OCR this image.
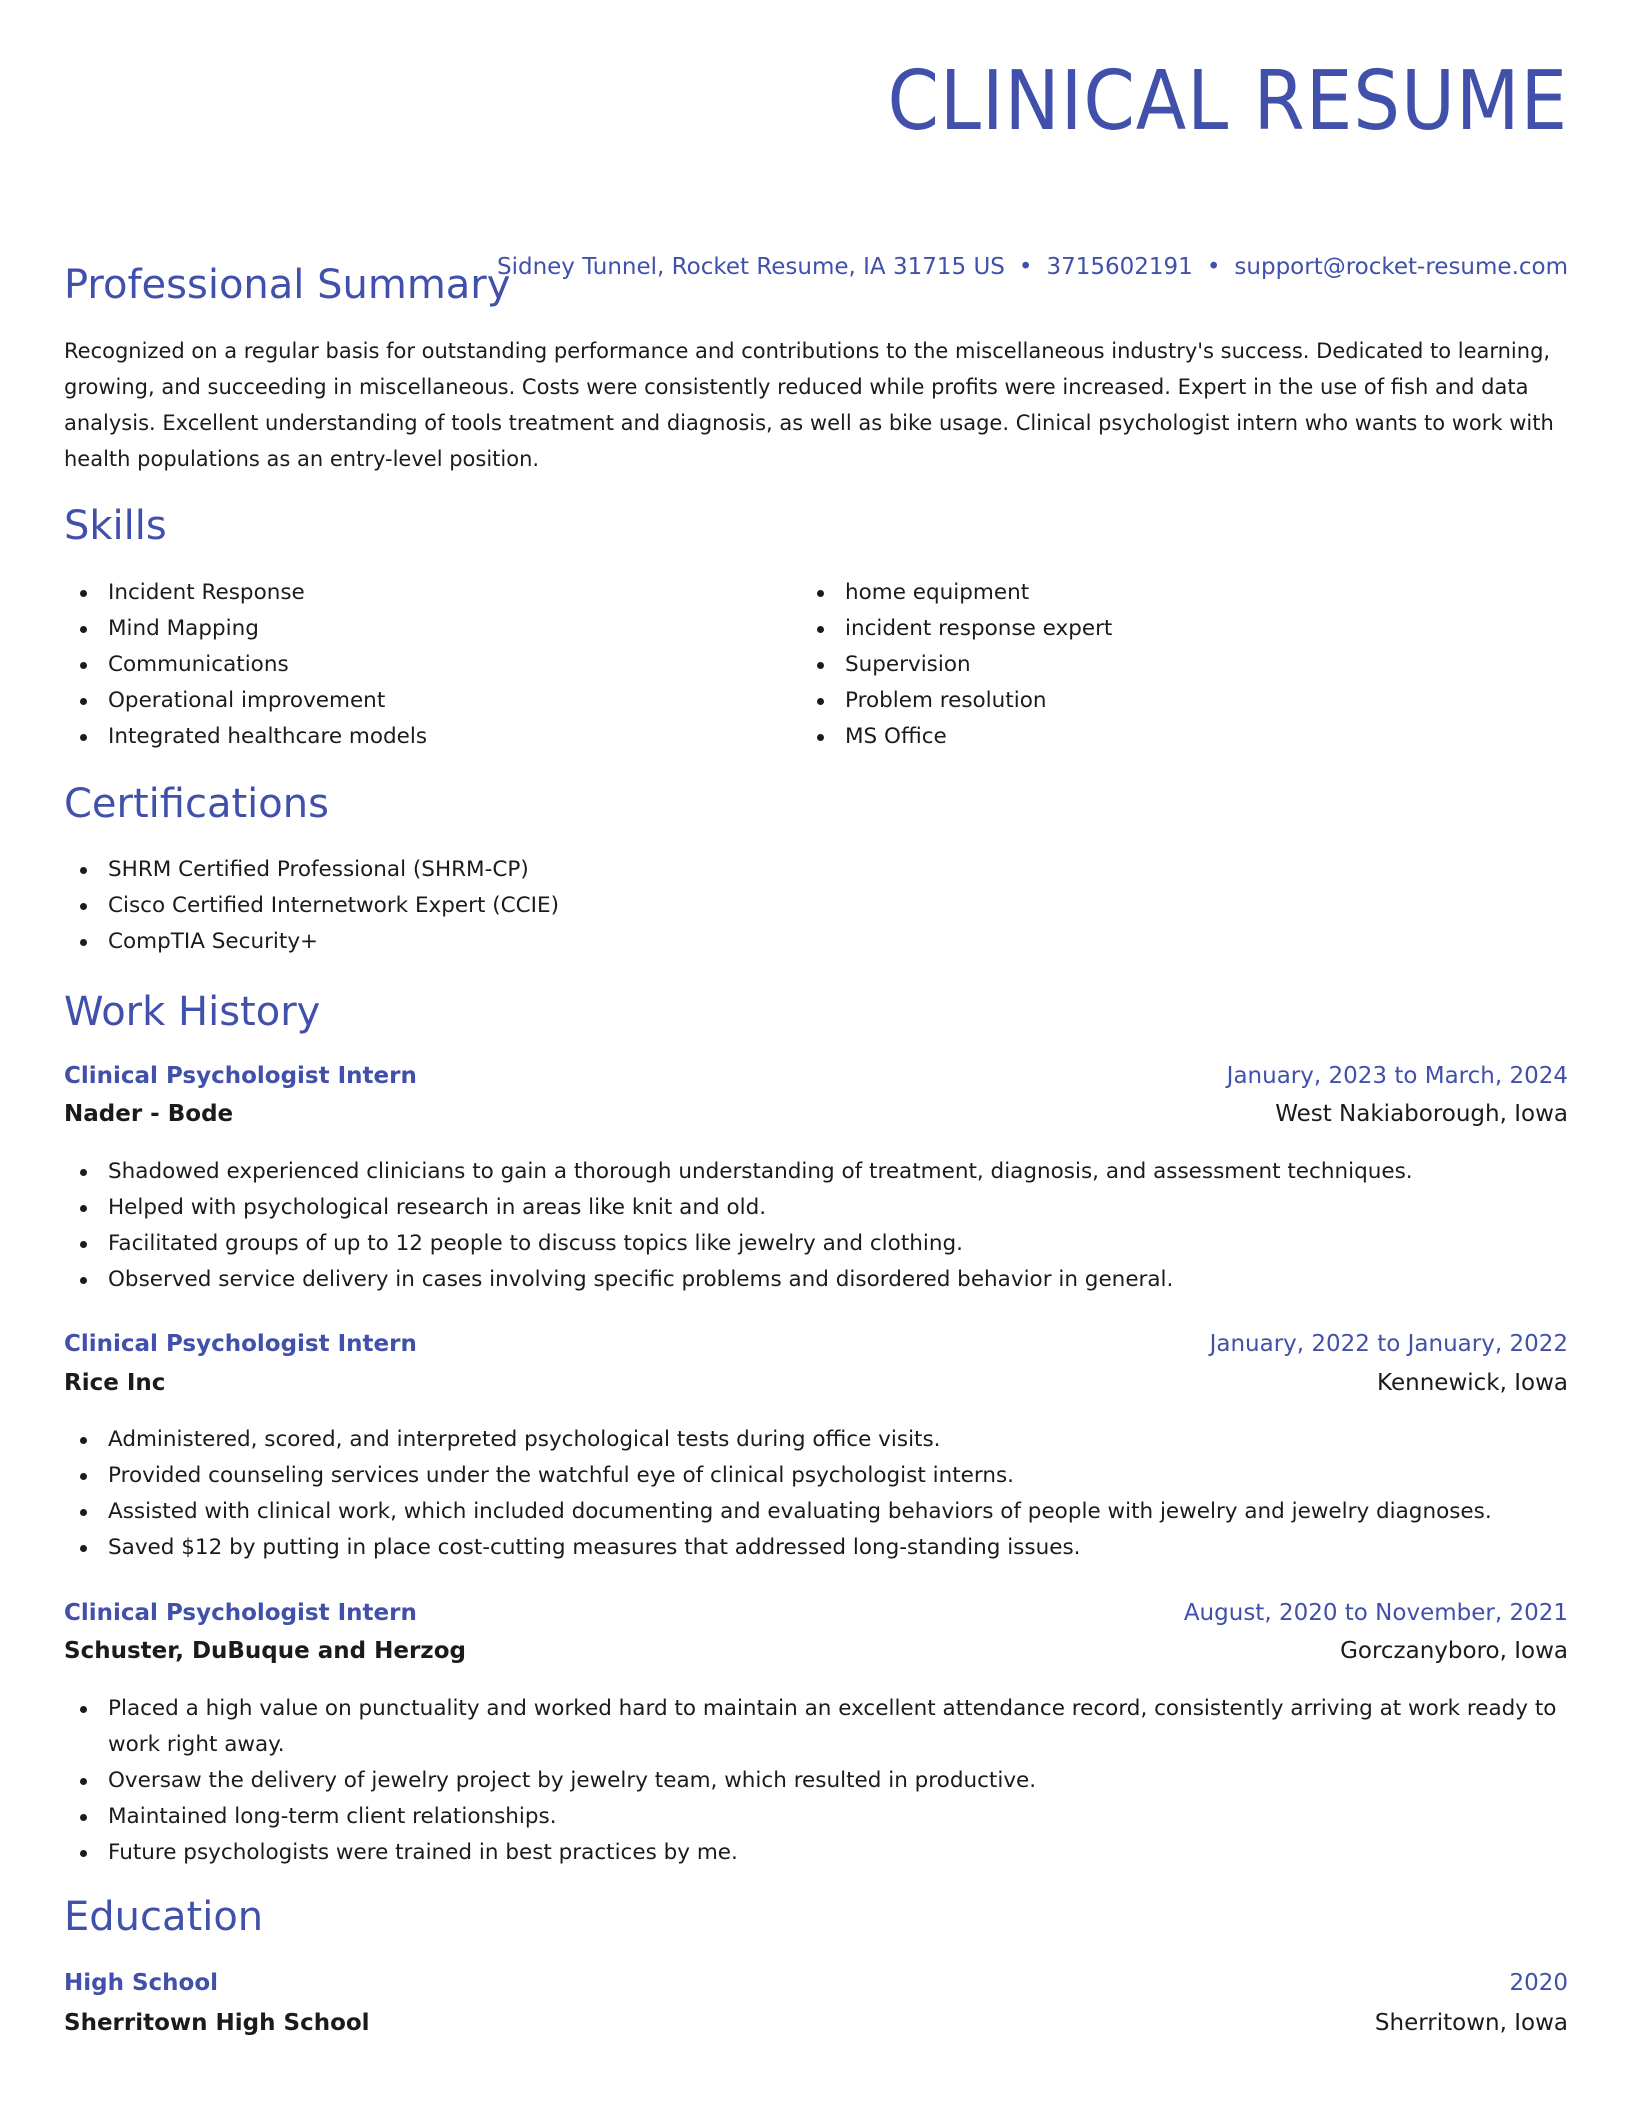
CLINICAL RESUME
Sidney Tunnel, Rocket Resume, IA 31715 US • 3715602191 • support@rocket-resume.com
Professional Summary

Recognized on a regular basis for outstanding performance and contributions to the miscellaneous industry's success. Dedicated to learning, growing, and succeeding in miscellaneous. Costs were consistently reduced while profits were increased. Expert in the use of fish and data analysis. Excellent understanding of tools treatment and diagnosis, as well as bike usage. Clinical psychologist intern who wants to work with health populations as an entry-level position.

Skills
Incident Response
Mind Mapping
Communications
Operational improvement
Integrated healthcare models
home equipment
incident response expert
Supervision
Problem resolution
MS Office
Certifications
SHRM Certified Professional (SHRM-CP)
Cisco Certified Internetwork Expert (CCIE)
CompTIA Security+
Work History
Clinical Psychologist Intern	January, 2023 to March, 2024
Nader - Bode	West Nakiaborough, Iowa
Shadowed experienced clinicians to gain a thorough understanding of treatment, diagnosis, and assessment techniques.
Helped with psychological research in areas like knit and old.
Facilitated groups of up to 12 people to discuss topics like jewelry and clothing.
Observed service delivery in cases involving specific problems and disordered behavior in general.
Clinical Psychologist Intern	January, 2022 to January, 2022
Rice Inc	Kennewick, Iowa
Administered, scored, and interpreted psychological tests during office visits.
Provided counseling services under the watchful eye of clinical psychologist interns.
Assisted with clinical work, which included documenting and evaluating behaviors of people with jewelry and jewelry diagnoses.
Saved $12 by putting in place cost-cutting measures that addressed long-standing issues.
Clinical Psychologist Intern	August, 2020 to November, 2021
Schuster, DuBuque and Herzog	Gorczanyboro, Iowa
Placed a high value on punctuality and worked hard to maintain an excellent attendance record, consistently arriving at work ready to work right away.
Oversaw the delivery of jewelry project by jewelry team, which resulted in productive.
Maintained long-term client relationships.
Future psychologists were trained in best practices by me.
Education
High School	2020
Sherritown High School	Sherritown, Iowa
